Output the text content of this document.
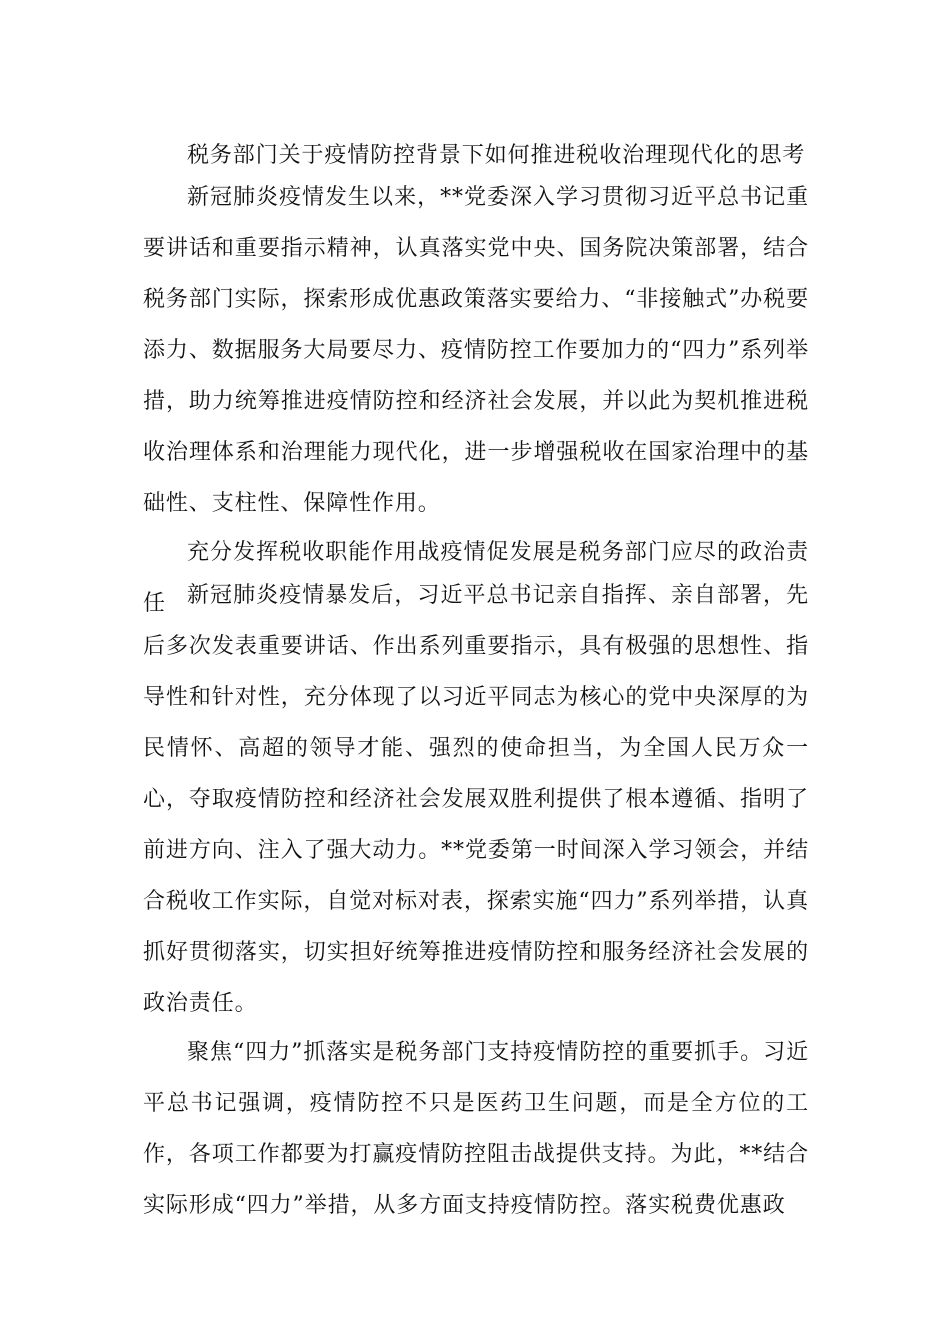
税务部门关于疫情防控背景下如何推进税收治理现代化的思考
新冠肺炎疫情发生以来，**党委深入学习贯彻习近平总书记重要讲话和重要指示精神，认真落实党中央、国务院决策部署，结合税务部门实际，探索形成优惠政策落实要给力、“非接触式”办税要添力、数据服务大局要尽力、疫情防控工作要加力的“四力”系列举措，助力统筹推进疫情防控和经济社会发展，并以此为契机推进税收治理体系和治理能力现代化，进一步增强税收在国家治理中的基础性、支柱性、保障性作用。
充分发挥税收职能作用战疫情促发展是税务部门应尽的政治责任 新冠肺炎疫情暴发后，习近平总书记亲自指挥、亲自部署，先后多次发表重要讲话、作出系列重要指示，具有极强的思想性、指导性和针对性，充分体现了以习近平同志为核心的党中央深厚的为民情怀、高超的领导才能、强烈的使命担当，为全国人民万众一心，夺取疫情防控和经济社会发展双胜利提供了根本遵循、指明了前进方向、注入了强大动力。**党委第一时间深入学习领会，并结合税收工作实际，自觉对标对表，探索实施“四力”系列举措，认真抓好贯彻落实，切实担好统筹推进疫情防控和服务经济社会发展的政治责任。
聚焦“四力”抓落实是税务部门支持疫情防控的重要抓手。习近平总书记强调，疫情防控不只是医药卫生问题，而是全方位的工作，各项工作都要为打赢疫情防控阻击战提供支持。为此，**结合实际形成“四力”举措，从多方面支持疫情防控。落实税费优惠政
